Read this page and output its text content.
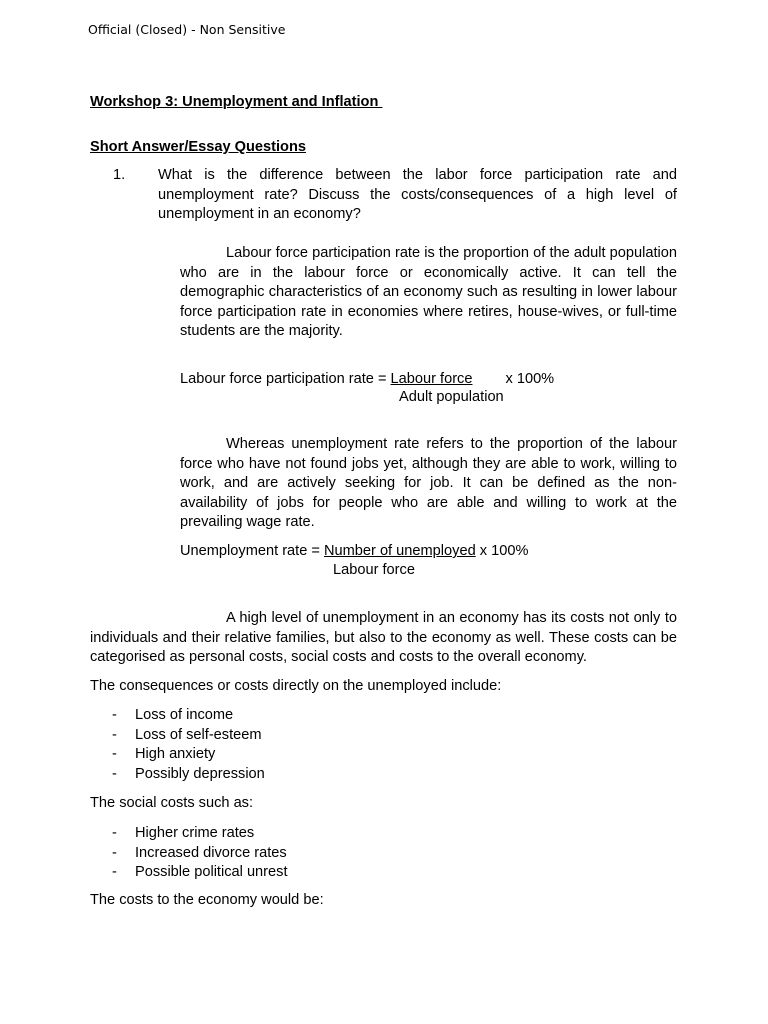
Official (Closed) - Non Sensitive
Workshop 3: Unemployment and Inflation
Short Answer/Essay Questions
1. What is the difference between the labor force participation rate and unemployment rate? Discuss the costs/consequences of a high level of unemployment in an economy?

Labour force participation rate is the proportion of the adult population who are in the labour force or economically active. It can tell the demographic characteristics of an economy such as resulting in lower labour force participation rate in economies where retires, house-wives, or full-time students are the majority.

Labour force participation rate = Labour force x 100%
Adult population

Whereas unemployment rate refers to the proportion of the labour force who have not found jobs yet, although they are able to work, willing to work, and are actively seeking for job. It can be defined as the non-availability of jobs for people who are able and willing to work at the prevailing wage rate.

Unemployment rate = Number of unemployed x 100%
Labour force

A high level of unemployment in an economy has its costs not only to individuals and their relative families, but also to the economy as well. These costs can be categorised as personal costs, social costs and costs to the overall economy.

The consequences or costs directly on the unemployed include:
- Loss of income
- Loss of self-esteem
- High anxiety
- Possibly depression
The social costs such as:
- Higher crime rates
- Increased divorce rates
- Possible political unrest
The costs to the economy would be:
